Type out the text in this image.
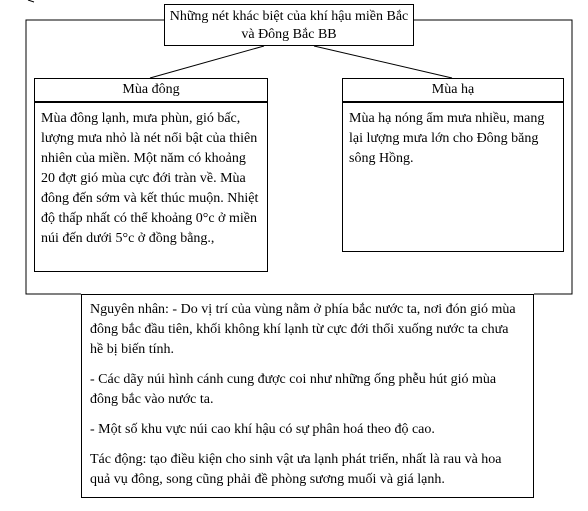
Những nét khác biệt của khí hậu miền Bắc và Đông Bắc BB
Mùa đông
Mùa đông lạnh, mưa phùn, gió bấc, lượng mưa nhỏ là nét nổi bật của thiên nhiên của miền. Một năm có khoảng 20 đợt gió mùa cực đới tràn về. Mùa đông đến sớm và kết thúc muộn. Nhiệt độ thấp nhất có thể khoảng 0°c ở miền núi đến dưới 5°c ở đồng bằng.,
Mùa hạ
Mùa hạ nóng ẩm mưa nhiều, mang lại lượng mưa lớn cho Đông băng sông Hồng.

Nguyên nhân: - Do vị trí của vùng nằm ở phía bắc nước ta, nơi đón gió mùa đông bắc đầu tiên, khối không khí lạnh từ cực đới thổi xuống nước ta chưa hề bị biến tính.

- Các dãy núi hình cánh cung được coi như những ống phễu hút gió mùa đông bắc vào nước ta.

- Một số khu vực núi cao khí hậu có sự phân hoá theo độ cao.

Tác động: tạo điều kiện cho sinh vật ưa lạnh phát triển, nhất là rau và hoa quả vụ đông, song cũng phải đề phòng sương muối và giá lạnh.
